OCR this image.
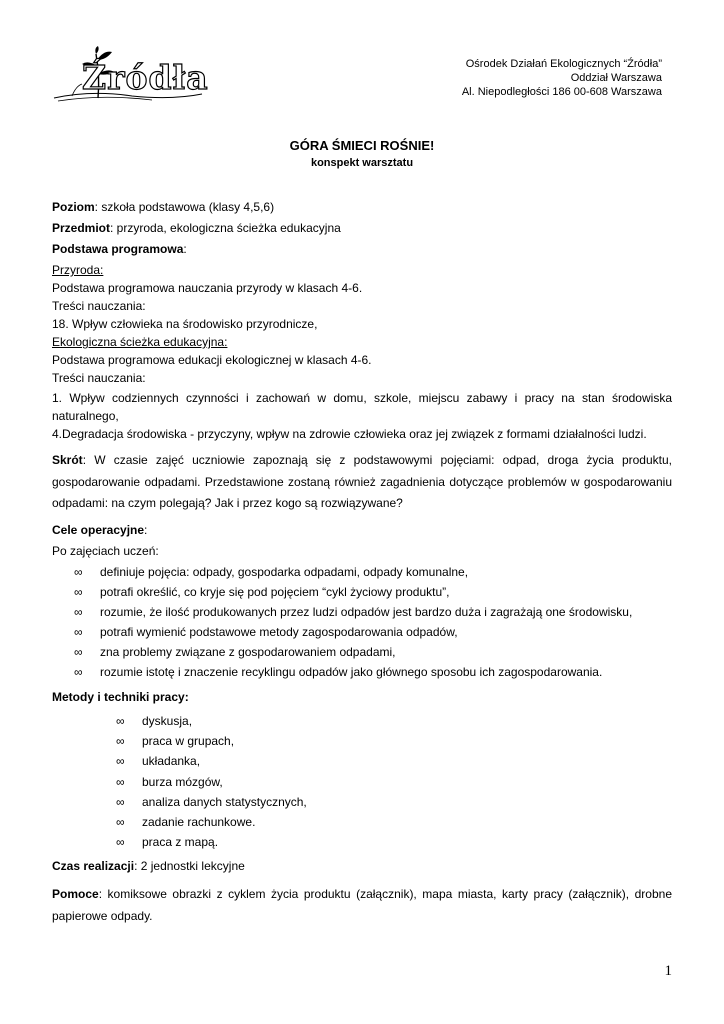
Źródła	Ośrodek Działań Ekologicznych “Źródła”
Oddział Warszawa
Al. Niepodległości 186 00-608 Warszawa
GÓRA ŚMIECI ROŚNIE!
konspekt warsztatu
Poziom: szkoła podstawowa (klasy 4,5,6)
Przedmiot: przyroda, ekologiczna ścieżka edukacyjna
Podstawa programowa:
Przyroda:
Podstawa programowa nauczania przyrody w klasach 4-6.
Treści nauczania:
18. Wpływ człowieka na środowisko przyrodnicze,
Ekologiczna ścieżka edukacyjna:
Podstawa programowa edukacji ekologicznej w klasach 4-6.
Treści nauczania:
1. Wpływ codziennych czynności i zachowań w domu, szkole, miejscu zabawy i pracy na stan środowiska
naturalnego,
4.Degradacja środowiska - przyczyny, wpływ na zdrowie człowieka oraz jej związek z formami działalności ludzi.
Skrót: W czasie zajęć uczniowie zapoznają się z podstawowymi pojęciami: odpad, droga życia produktu,
gospodarowanie odpadami. Przedstawione zostaną również zagadnienia dotyczące problemów w gospodarowaniu
odpadami: na czym polegają? Jak i przez kogo są rozwiązywane?
Cele operacyjne:
Po zajęciach uczeń:
∞ definiuje pojęcia: odpady, gospodarka odpadami, odpady komunalne,
∞ potrafi określić, co kryje się pod pojęciem “cykl życiowy produktu”,
∞ rozumie, że ilość produkowanych przez ludzi odpadów jest bardzo duża i zagrażają one środowisku,
∞ potrafi wymienić podstawowe metody zagospodarowania odpadów,
∞ zna problemy związane z gospodarowaniem odpadami,
∞ rozumie istotę i znaczenie recyklingu odpadów jako głównego sposobu ich zagospodarowania.
Metody i techniki pracy:
∞ dyskusja,
∞ praca w grupach,
∞ układanka,
∞ burza mózgów,
∞ analiza danych statystycznych,
∞ zadanie rachunkowe.
∞ praca z mapą.
Czas realizacji: 2 jednostki lekcyjne
Pomoce: komiksowe obrazki z cyklem życia produktu (załącznik), mapa miasta, karty pracy (załącznik), drobne
papierowe odpady.
1
